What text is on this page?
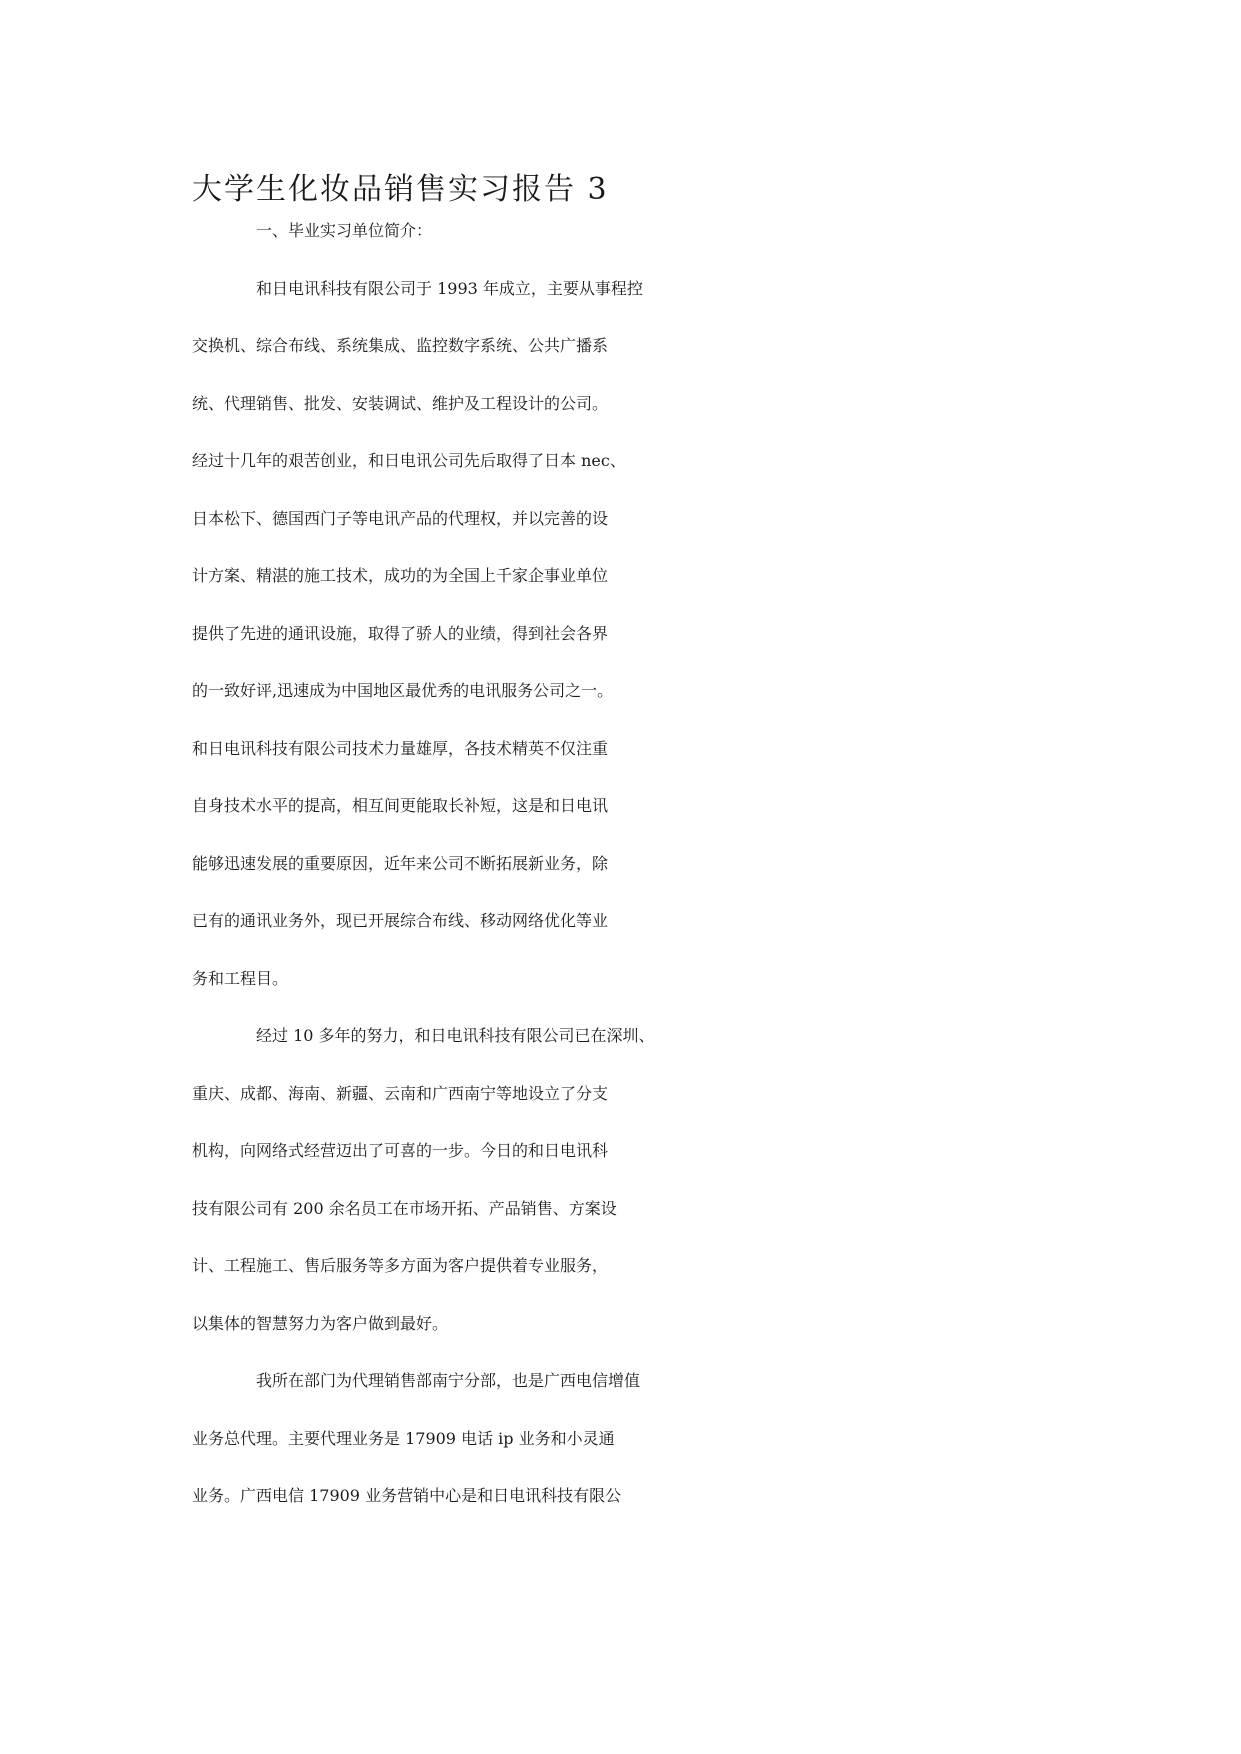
大学生化妆品销售实习报告 3
一、毕业实习单位简介：
和日电讯科技有限公司于 1993 年成立，主要从事程控
交换机、综合布线、系统集成、监控数字系统、公共广播系
统、代理销售、批发、安装调试、维护及工程设计的公司。
经过十几年的艰苦创业，和日电讯公司先后取得了日本 nec、
日本松下、德国西门子等电讯产品的代理权，并以完善的设
计方案、精湛的施工技术，成功的为全国上千家企事业单位
提供了先进的通讯设施，取得了骄人的业绩，得到社会各界
的一致好评,迅速成为中国地区最优秀的电讯服务公司之一。
和日电讯科技有限公司技术力量雄厚，各技术精英不仅注重
自身技术水平的提高，相互间更能取长补短，这是和日电讯
能够迅速发展的重要原因，近年来公司不断拓展新业务，除
已有的通讯业务外，现已开展综合布线、移动网络优化等业
务和工程目。
经过 10 多年的努力，和日电讯科技有限公司已在深圳、
重庆、成都、海南、新疆、云南和广西南宁等地设立了分支
机构，向网络式经营迈出了可喜的一步。今日的和日电讯科
技有限公司有 200 余名员工在市场开拓、产品销售、方案设
计、工程施工、售后服务等多方面为客户提供着专业服务，
以集体的智慧努力为客户做到最好。
我所在部门为代理销售部南宁分部，也是广西电信增值
业务总代理。主要代理业务是 17909 电话 ip 业务和小灵通
业务。广西电信 17909 业务营销中心是和日电讯科技有限公
